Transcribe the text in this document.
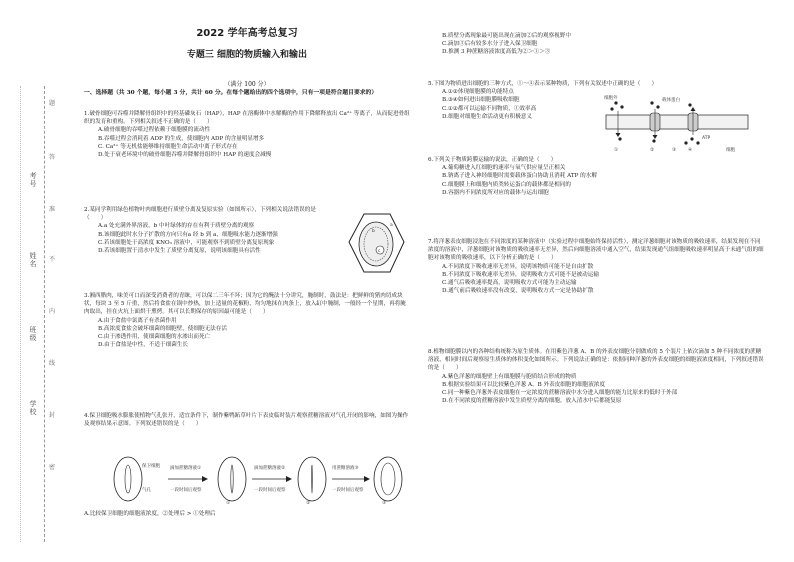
学校
班级
姓名
考号
题
答
准
不
内
线
封
密
2022 学年高考总复习
专题三 细胞的物质输入和输出
（满分 100 分）
一、选择题（共 30 个题，每小题 3 分，共计 60 分。在每个题给出的四个选项中，只有一项是符合题目要求的）

1.破骨细胞可吞噬并降解骨组织中的羟基磷灰石（HAP），HAP 在溶酶体中水解酶的作用下降解释放出 Ca²⁺ 等离子，从而促进骨组织的发育和重构。下列相关叙述不正确的是（　　）

A.破骨细胞的吞噬过程依赖于细胞膜的流动性

B.吞噬过程会消耗着 ADP 的生成，使细胞内 ADP 的含量明显增多

C. Ca²⁺ 等无机盐能够维持细胞生命活动中离子形式存在

D.处于衰老环境中的破骨细胞吞噬并降解骨组织中 HAP 的速度会减慢

2.某同学利用绿色植物叶肉细胞进行质壁分离及复原实验（如图所示），下列相关说法错误的是（　　）

A.a 处充满外界溶液，b 中叶绿体的存在有利于质壁分离的观察

B.该细胞此时水分子扩散的方向只有a 经 b 到 a，细胞吸水能力逐渐增强

C.若该细胞处于高浓度 KNO₃ 溶液中，可能观察不到质壁分离复原现象

D.若该细胞置于清水中发生了质壁分离复原，说明该细胞具有活性

a
b
c

3.湘西腊肉，味美可口而深受消费者的青睐，可以保二三年不坏；因为它的醃法十分讲究，腌制时，鼓法是：把鲜鲜的猪肉切成块状，每块 3 至 5 斤重，然后将食盐在锅中炒热，加上适量的花椒粉，均匀地抹在肉条上，放入缸中腌制，一般经一个星期，再将腌肉取出，挂在火坑上面烘干熏烤。其可以长期保存的原因最可能是（　　）

A.由于食盐中氯离子有杀菌作用

B.高浓度食盐会破坏细菌的细胞壁，使细胞无法存活

C.由于渗透作用，使细菌细胞的水渗出而死亡

D.由于食盐是中性，不适于细菌生长

4.保卫细胞吸水膨胀使植物气孔张开，适宜条件下，制作紫鸭跖草叶片下表皮临时装片观察蔗糖溶液对气孔开闭的影响，如图为操作及观察结果示意图。下列叙述错误的是（　　）

保卫细胞
气孔
滴加蔗糖溶液①
一段时间后观察
①
滴加蔗糖溶液②
一段时间后观察
②
用蔗糖溶液③
一段时间后观察
③

A.比较保卫细胞的细胞液浓度，②处理后 > ①处理后

B.质壁分离现象最可能出现在滴加②后的观察视野中

C.滴加③后有较多水分子进入保卫细胞

D.推测 3 种蔗糖溶液浓度高低为②＞①＞③

5.下图为物质进出细胞的三种方式，①～④表示某种物质，下列有关叙述中正确的是（　　）

A.①②体现细胞膜的功能特点

B.③④如何进出细胞膜吸收细胞

C.①②都可以运输不同物质，①效率高

D.细胞对细胞生命活动更有积极意义

细胞外	载体蛋白
ATP
细胞
①	②	③	④

6.下列关于物质跨膜运输的说法，正确的是（　　）

A.葡萄糖进入红细胞的速率与氧气供应量呈正相关

B.钠离子进入神经细胞时需要载体蛋白协助且消耗 ATP 的水解

C.细胞膜上和细胞内质类转运蛋白的载体都是相同的

D.容器内不同浓度所对应的载体与运出细胞

7.将洋葱表皮细胞浸泡在不同浓度的某种溶液中（实验过程中细胞始终保持活性），测定洋葱细胞对该物质的吸收速率，结果发现在不同浓度的溶液中，洋葱细胞对该物质的吸收速率无差异，然后向细胞溶液中通入空气，结果发现通气组细胞吸收速率明显高于未通气组的细胞对该物质的吸收速率，以下分析正确的是（　　）

A.不同浓度下吸收速率无差异，说明该物质可能不是自由扩散

B.不同浓度下吸收速率无差异，说明吸收方式可能不是被动运输

C.通气后吸收速率提高，说明吸收方式可能为主动运输

D.通气前后吸收速率没有改变，说明吸收方式一定是协助扩散

8.植物细胞膜以内的各种结构统称为原生质体。在用紫色洋葱 A、B 的外表皮细胞分别做成的 5 个装片上依次滴加 5 种不同浓度的蔗糖溶液，相同时间后观察原生质体的体积变化如图所示。下列说法正确的是：依据同种洋葱的外表皮细胞的细胞液浓度相同，下列叙述错误的是（　　）

A.紫色洋葱的细胞壁上有细胞膜与胞质结合形成的物质

B.根据实验结果可以比较紫色洋葱 A、B 外表皮细胞的细胞液浓度

C.同一种紫色洋葱外表皮细胞在一定浓度的蔗糖溶液中水分进入细胞的能力比原来的低时于外部

D.在不同浓度的蔗糖溶液中发生质壁分离的细胞，放入清水中后都能复原
